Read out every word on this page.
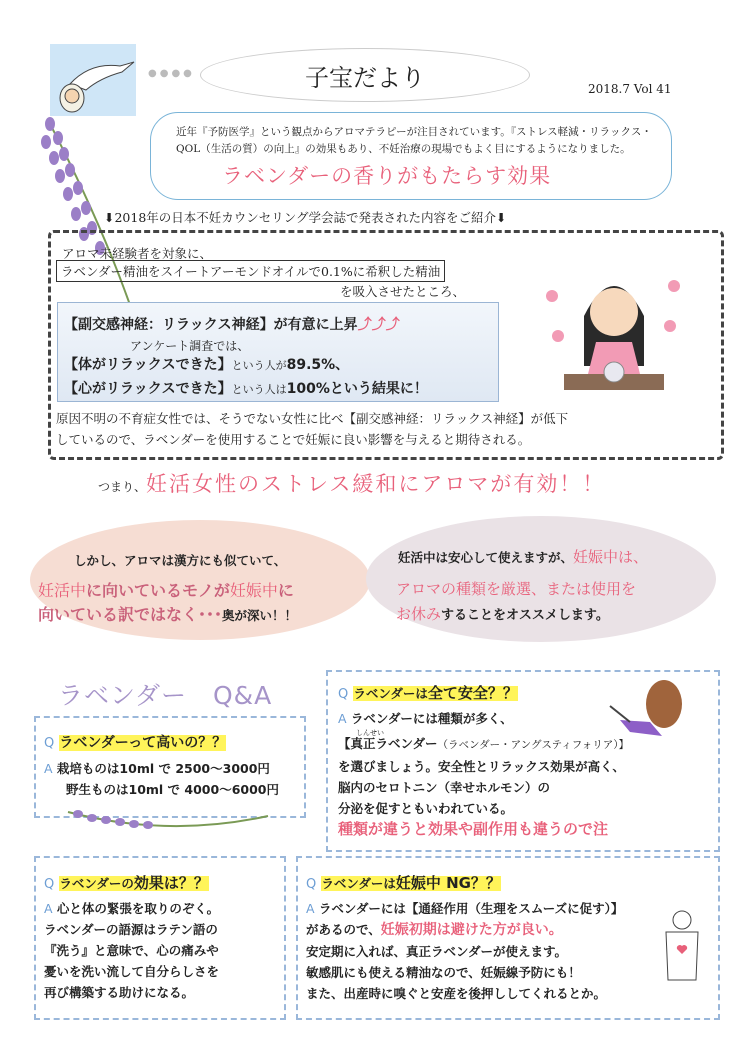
●●●●	子宝だより	2018.7 Vol 41
近年『予防医学』という観点からアロマテラピーが注目されています。『ストレス軽減・リラックス・
QOL（生活の質）の向上』の効果もあり、不妊治療の現場でもよく目にするようになりました。
ラベンダーの香りがもたらす効果
⬇2018年の日本不妊カウンセリング学会誌で発表された内容をご紹介⬇
アロマ未経験者を対象に、
ラベンダー精油をスイートアーモンドオイルで0.1%に希釈した精油
を吸入させたところ、
【副交感神経：リラックス神経】が有意に上昇⤴⤴⤴
アンケート調査では、
【体がリラックスできた】という人が89.5%、
【心がリラックスできた】という人は100%という結果に！
原因不明の不育症女性では、そうでない女性に比べ【副交感神経：リラックス神経】が低下
しているので、ラベンダーを使用することで妊娠に良い影響を与えると期待される。
つまり、妊活女性のストレス緩和にアロマが有効！！
しかし、アロマは漢方にも似ていて、
妊活中に向いているモノが妊娠中に
向いている訳ではなく･･･奥が深い！！
妊活中は安心して使えますが、妊娠中は、
アロマの種類を厳選、または使用を
お休みすることをオススメします。
ラベンダー　Q&A
Q ラベンダーって高いの？？
A 栽培ものは10ml で 2500～3000円
野生ものは10ml で 4000～6000円
Q ラベンダーは全て安全？？
A ラベンダーには種類が多く、
しんせい
【真正ラベンダー（ラベンダー・アングスティフォリア）】
を選びましょう。安全性とリラックス効果が高く、
脳内のセロトニン（幸せホルモン）の
分泌を促すともいわれている。
種類が違うと効果や副作用も違うので注
Q ラベンダーの効果は？？
A 心と体の緊張を取りのぞく。
ラベンダーの語源はラテン語の
『洗う』と意味で、心の痛みや
憂いを洗い流して自分らしさを
再び構築する助けになる。
Q ラベンダーは妊娠中 NG？？
A ラベンダーには【通経作用（生理をスムーズに促す）】
があるので、妊娠初期は避けた方が良い。
安定期に入れば、真正ラベンダーが使えます。
敏感肌にも使える精油なので、妊娠線予防にも！
また、出産時に嗅ぐと安産を後押ししてくれるとか。
